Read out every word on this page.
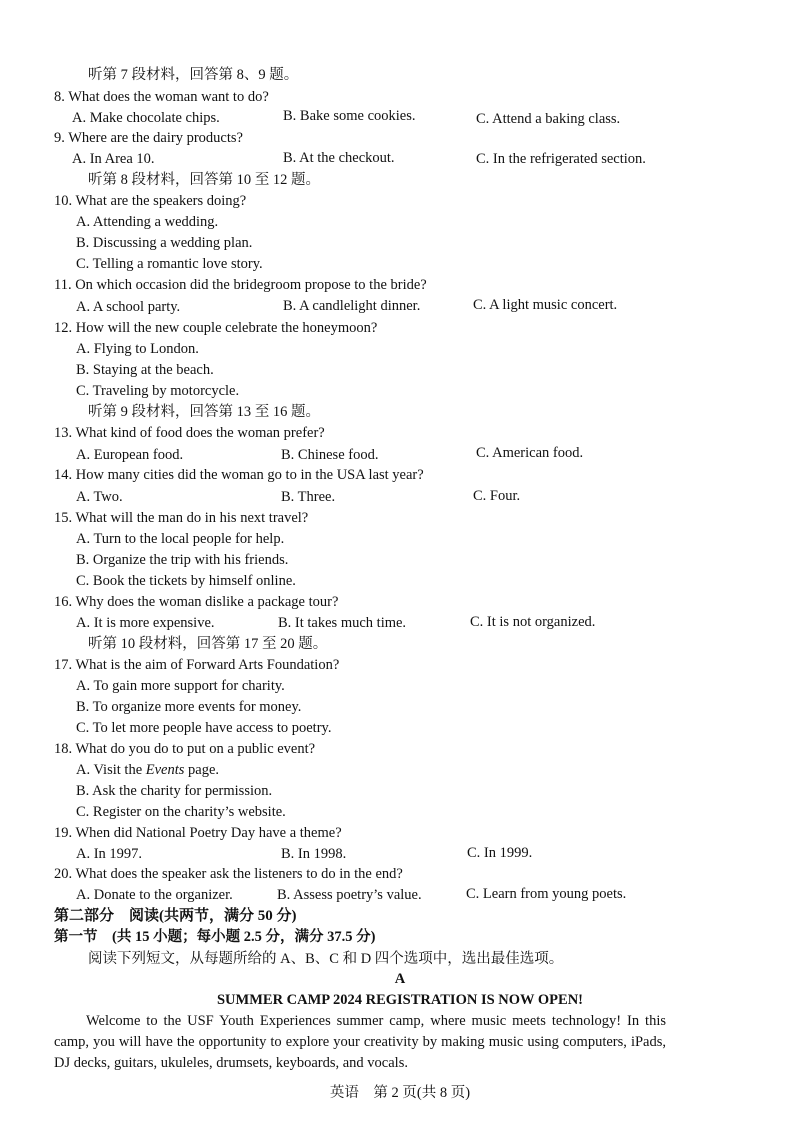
听第 7 段材料，回答第 8、9 题。
8. What does the woman want to do?
A. Make chocolate chips.	B. Bake some cookies.	C. Attend a baking class.
9. Where are the dairy products?
A. In Area 10.	B. At the checkout.	C. In the refrigerated section.
听第 8 段材料，回答第 10 至 12 题。
10. What are the speakers doing?
A. Attending a wedding.
B. Discussing a wedding plan.
C. Telling a romantic love story.
11. On which occasion did the bridegroom propose to the bride?
A. A school party.	B. A candlelight dinner.	C. A light music concert.
12. How will the new couple celebrate the honeymoon?
A. Flying to London.
B. Staying at the beach.
C. Traveling by motorcycle.
听第 9 段材料，回答第 13 至 16 题。
13. What kind of food does the woman prefer?
A. European food.	B. Chinese food.	C. American food.
14. How many cities did the woman go to in the USA last year?
A. Two.	B. Three.	C. Four.
15. What will the man do in his next travel?
A. Turn to the local people for help.
B. Organize the trip with his friends.
C. Book the tickets by himself online.
16. Why does the woman dislike a package tour?
A. It is more expensive.	B. It takes much time.	C. It is not organized.
听第 10 段材料，回答第 17 至 20 题。
17. What is the aim of Forward Arts Foundation?
A. To gain more support for charity.
B. To organize more events for money.
C. To let more people have access to poetry.
18. What do you do to put on a public event?
A. Visit the Events page.
B. Ask the charity for permission.
C. Register on the charity’s website.
19. When did National Poetry Day have a theme?
A. In 1997.	B. In 1998.	C. In 1999.
20. What does the speaker ask the listeners to do in the end?
A. Donate to the organizer.	B. Assess poetry’s value.	C. Learn from young poets.
第二部分　阅读(共两节，满分 50 分)
第一节　(共 15 小题；每小题 2.5 分，满分 37.5 分)
阅读下列短文，从每题所给的 A、B、C 和 D 四个选项中，选出最佳选项。
A
SUMMER CAMP 2024 REGISTRATION IS NOW OPEN!
Welcome to the USF Youth Experiences summer camp, where music meets technology! In this camp, you will have the opportunity to explore your creativity by making music using computers, iPads, DJ decks, guitars, ukuleles, drumsets, keyboards, and vocals.
英语　第 2 页(共 8 页)
